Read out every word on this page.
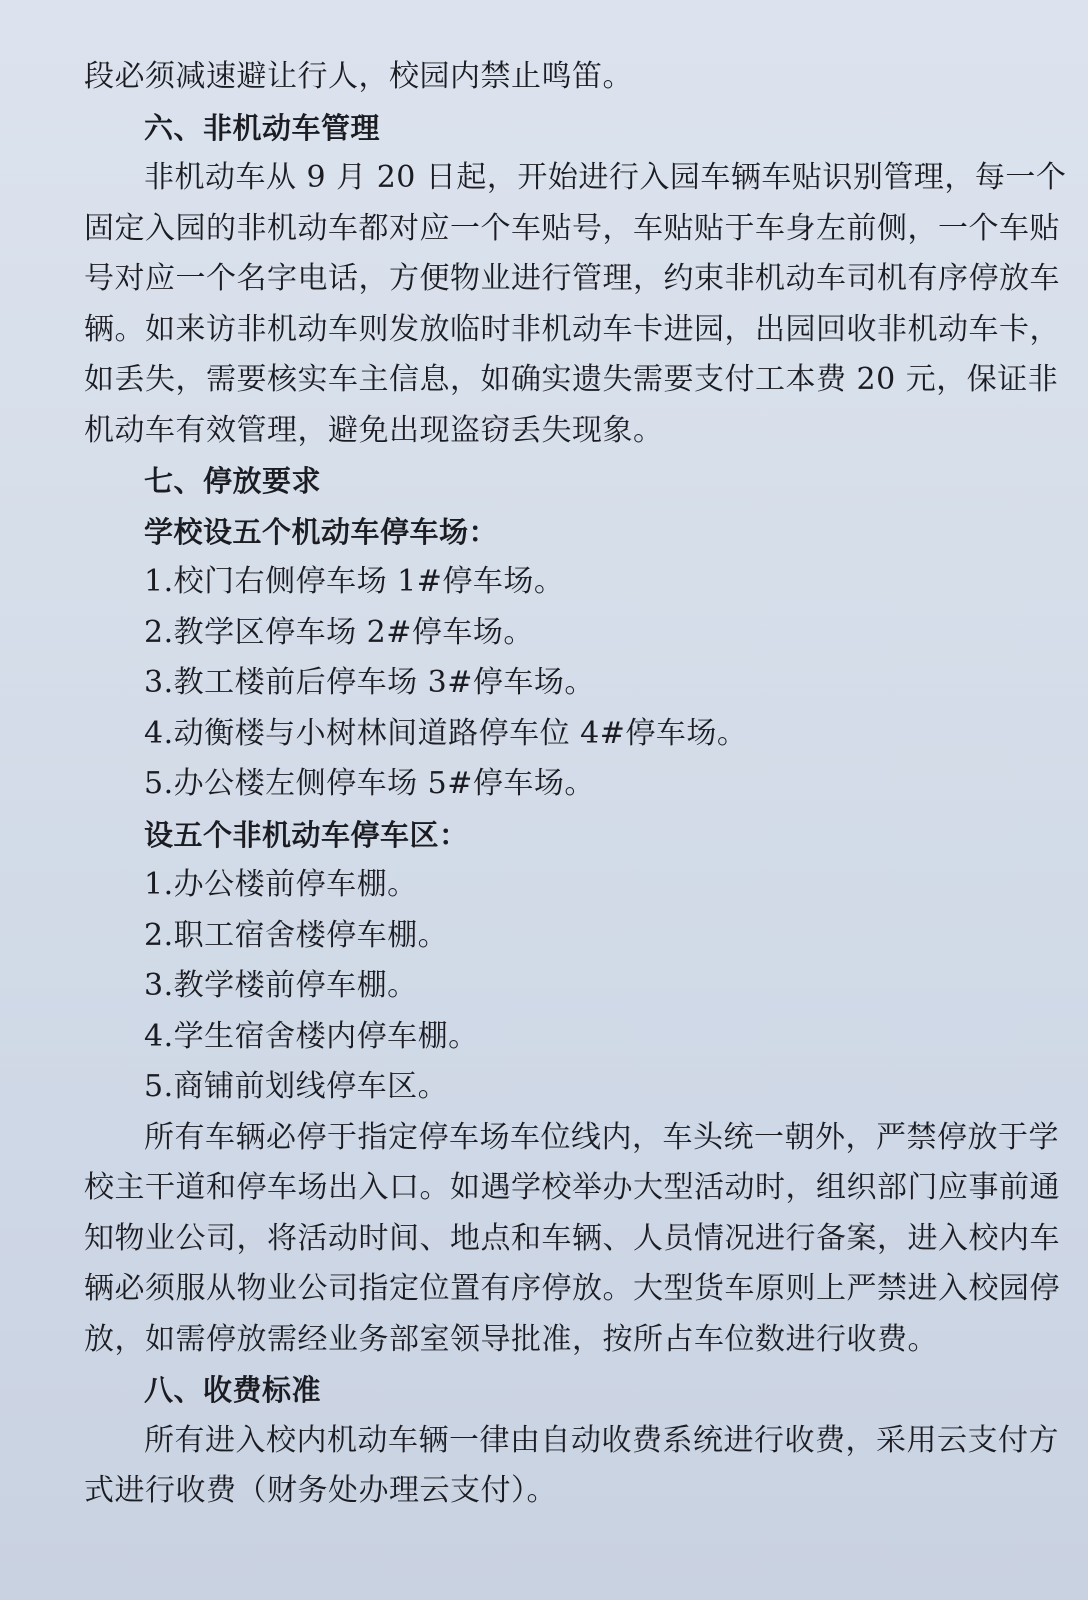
段必须减速避让行人，校园内禁止鸣笛。
六、非机动车管理
非机动车从 9 月 20 日起，开始进行入园车辆车贴识别管理，每一个
固定入园的非机动车都对应一个车贴号，车贴贴于车身左前侧，一个车贴
号对应一个名字电话，方便物业进行管理，约束非机动车司机有序停放车
辆。如来访非机动车则发放临时非机动车卡进园，出园回收非机动车卡，
如丢失，需要核实车主信息，如确实遗失需要支付工本费 20 元，保证非
机动车有效管理，避免出现盗窃丢失现象。
七、停放要求
学校设五个机动车停车场：
1.校门右侧停车场 1#停车场。
2.教学区停车场 2#停车场。
3.教工楼前后停车场 3#停车场。
4.动衡楼与小树林间道路停车位 4#停车场。
5.办公楼左侧停车场 5#停车场。
设五个非机动车停车区：
1.办公楼前停车棚。
2.职工宿舍楼停车棚。
3.教学楼前停车棚。
4.学生宿舍楼内停车棚。
5.商铺前划线停车区。
所有车辆必停于指定停车场车位线内，车头统一朝外，严禁停放于学
校主干道和停车场出入口。如遇学校举办大型活动时，组织部门应事前通
知物业公司，将活动时间、地点和车辆、人员情况进行备案，进入校内车
辆必须服从物业公司指定位置有序停放。大型货车原则上严禁进入校园停
放，如需停放需经业务部室领导批准，按所占车位数进行收费。
八、收费标准
所有进入校内机动车辆一律由自动收费系统进行收费，采用云支付方
式进行收费（财务处办理云支付）。
